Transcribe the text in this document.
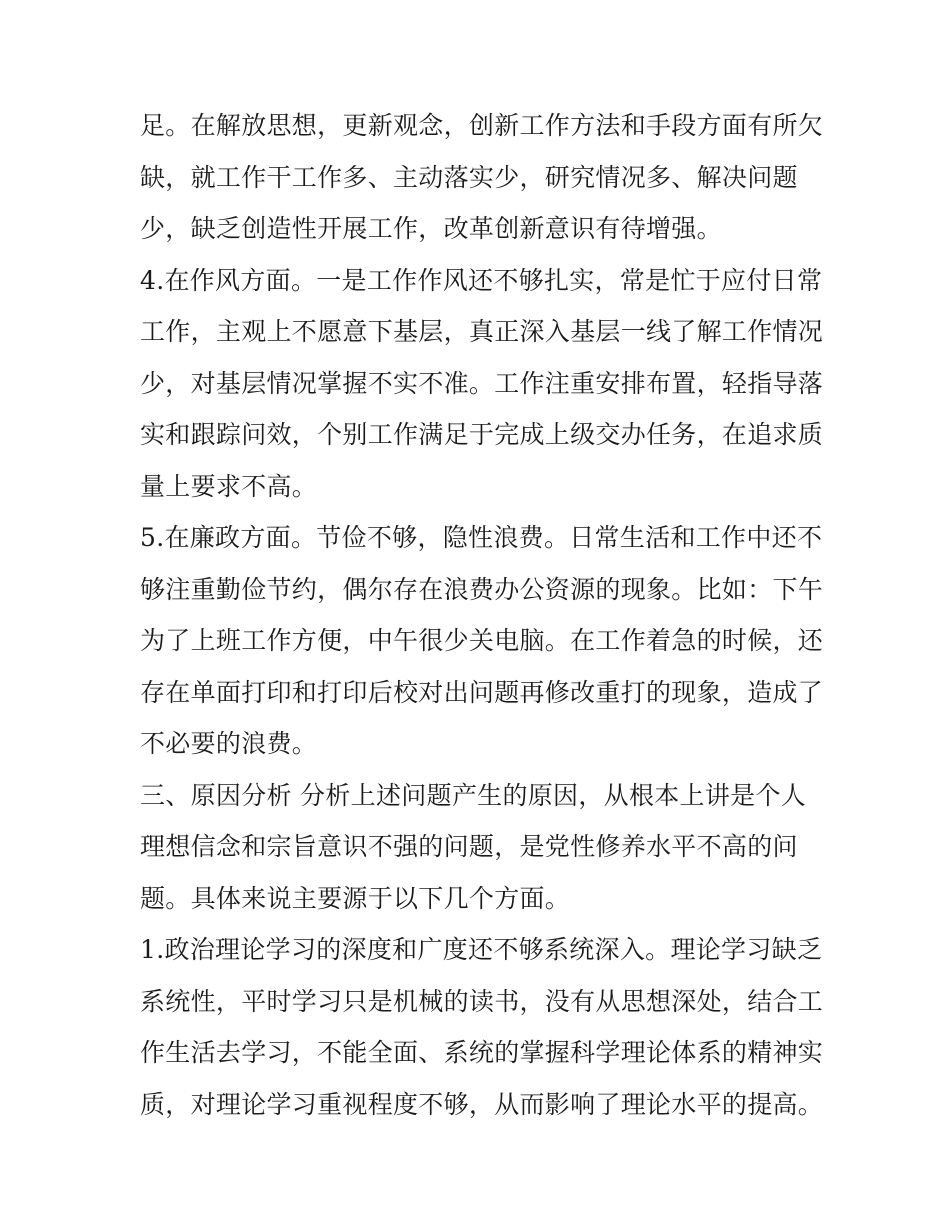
足。在解放思想，更新观念，创新工作方法和手段方面有所欠
缺，就工作干工作多、主动落实少，研究情况多、解决问题
少，缺乏创造性开展工作，改革创新意识有待增强。
4.在作风方面。一是工作作风还不够扎实，常是忙于应付日常
工作，主观上不愿意下基层，真正深入基层一线了解工作情况
少，对基层情况掌握不实不准。工作注重安排布置，轻指导落
实和跟踪问效，个别工作满足于完成上级交办任务，在追求质
量上要求不高。
5.在廉政方面。节俭不够，隐性浪费。日常生活和工作中还不
够注重勤俭节约，偶尔存在浪费办公资源的现象。比如：下午
为了上班工作方便，中午很少关电脑。在工作着急的时候，还
存在单面打印和打印后校对出问题再修改重打的现象，造成了
不必要的浪费。
三、原因分析 分析上述问题产生的原因，从根本上讲是个人
理想信念和宗旨意识不强的问题，是党性修养水平不高的问
题。具体来说主要源于以下几个方面。
1.政治理论学习的深度和广度还不够系统深入。理论学习缺乏
系统性，平时学习只是机械的读书，没有从思想深处，结合工
作生活去学习，不能全面、系统的掌握科学理论体系的精神实
质，对理论学习重视程度不够，从而影响了理论水平的提高。
